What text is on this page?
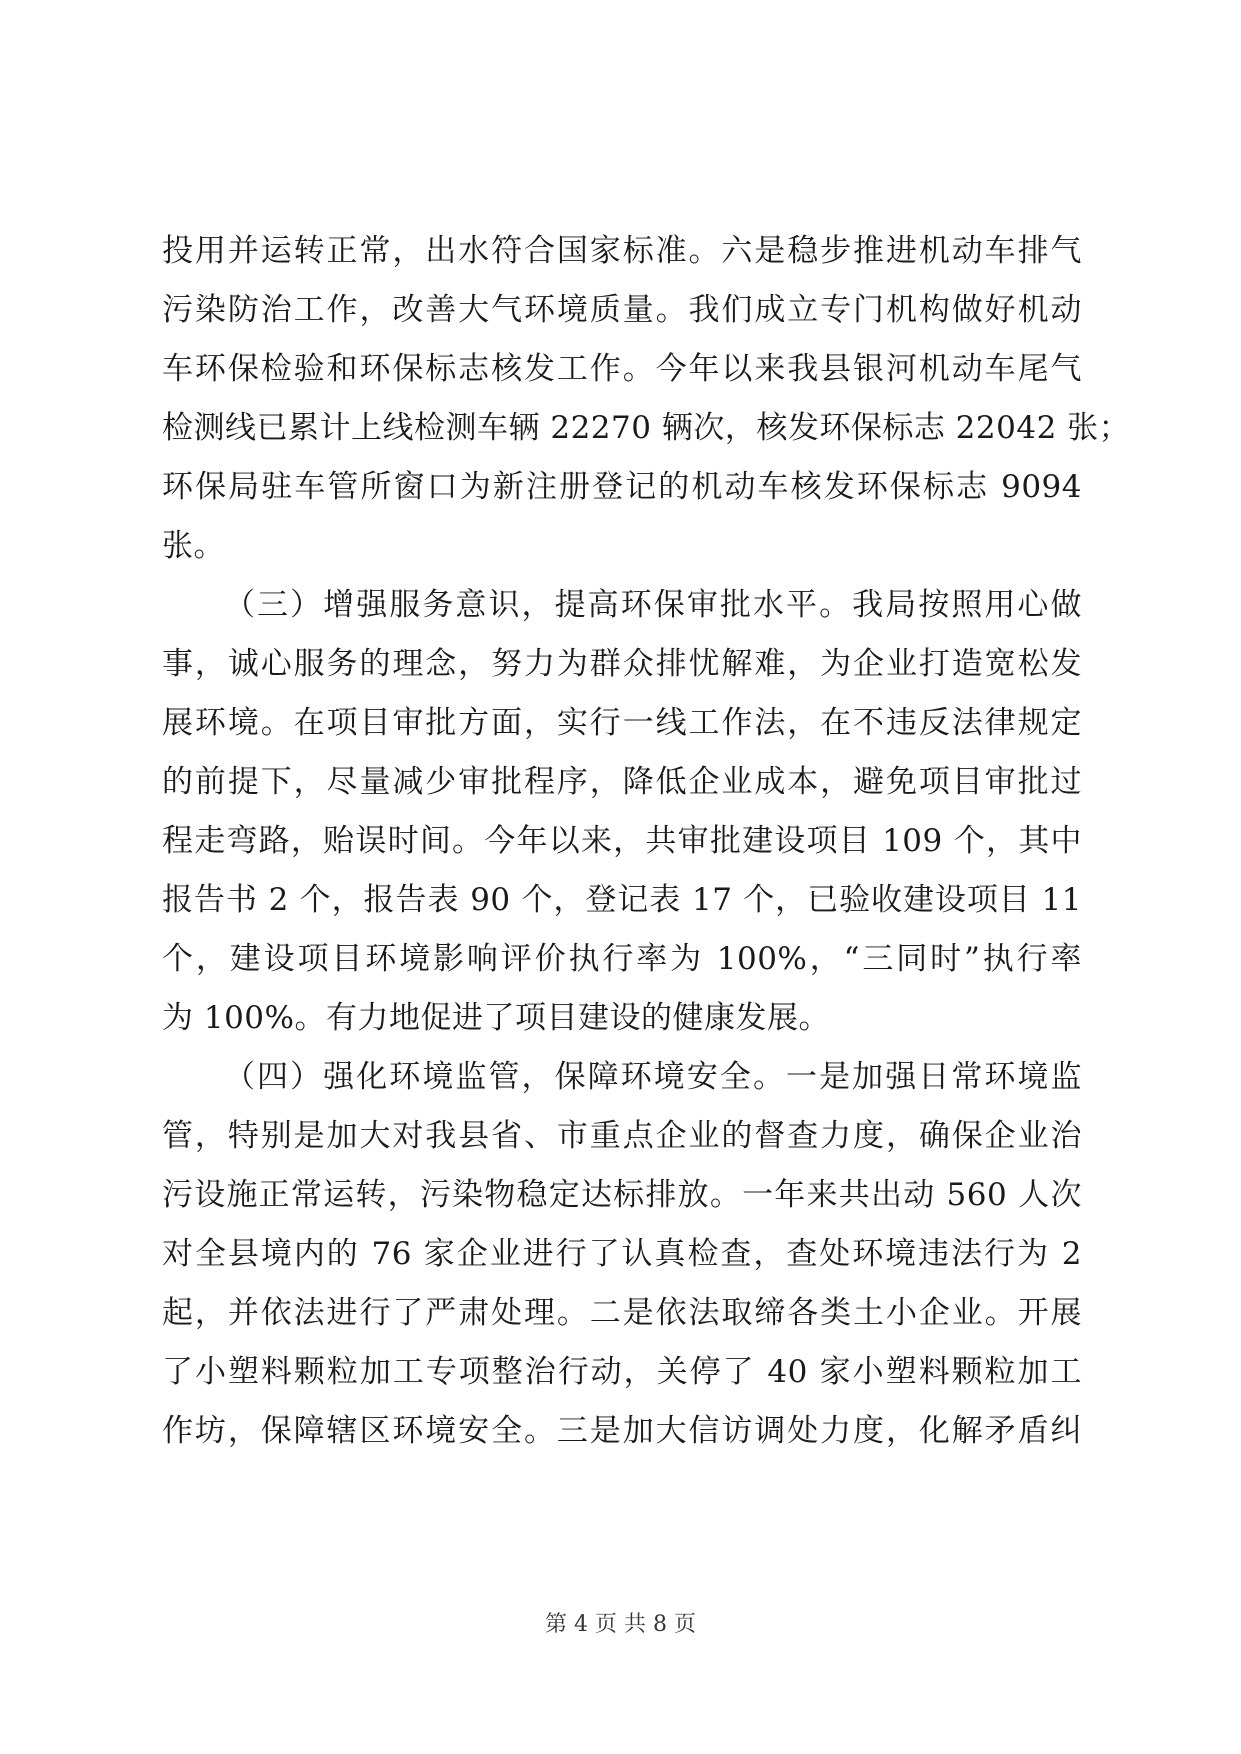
投用并运转正常，出水符合国家标准。六是稳步推进机动车排气
污染防治工作，改善大气环境质量。我们成立专门机构做好机动
车环保检验和环保标志核发工作。今年以来我县银河机动车尾气
检测线已累计上线检测车辆 22270 辆次，核发环保标志 22042 张；
环保局驻车管所窗口为新注册登记的机动车核发环保标志 9094
张。
（三）增强服务意识，提高环保审批水平。我局按照用心做
事，诚心服务的理念，努力为群众排忧解难，为企业打造宽松发
展环境。在项目审批方面，实行一线工作法，在不违反法律规定
的前提下，尽量减少审批程序，降低企业成本，避免项目审批过
程走弯路，贻误时间。今年以来，共审批建设项目 109 个，其中
报告书 2 个，报告表 90 个，登记表 17 个，已验收建设项目 11
个，建设项目环境影响评价执行率为 100%，“三同时”执行率
为 100%。有力地促进了项目建设的健康发展。
（四）强化环境监管，保障环境安全。一是加强日常环境监
管，特别是加大对我县省、市重点企业的督查力度，确保企业治
污设施正常运转，污染物稳定达标排放。一年来共出动 560 人次
对全县境内的 76 家企业进行了认真检查，查处环境违法行为 2
起，并依法进行了严肃处理。二是依法取缔各类土小企业。开展
了小塑料颗粒加工专项整治行动，关停了 40 家小塑料颗粒加工
作坊，保障辖区环境安全。三是加大信访调处力度，化解矛盾纠
第 4 页 共 8 页
